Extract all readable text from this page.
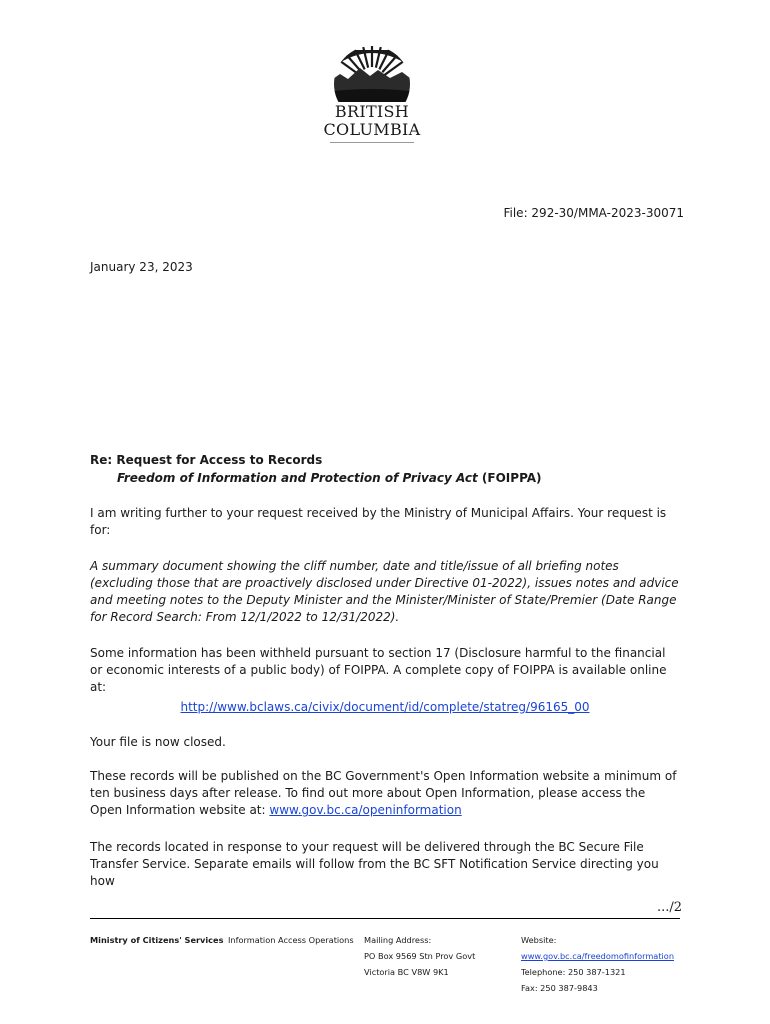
BRITISH
COLUMBIA
File: 292-30/MMA-2023-30071
January 23, 2023
Re: Request for Access to Records
Freedom of Information and Protection of Privacy Act (FOIPPA)
I am writing further to your request received by the Ministry of Municipal Affairs. Your request is for:
A summary document showing the cliff number, date and title/issue of all briefing notes (excluding those that are proactively disclosed under Directive 01-2022), issues notes and advice and meeting notes to the Deputy Minister and the Minister/Minister of State/Premier (Date Range for Record Search: From 12/1/2022 to 12/31/2022).
Some information has been withheld pursuant to section 17 (Disclosure harmful to the financial or economic interests of a public body) of FOIPPA. A complete copy of FOIPPA is available online at:
http://www.bclaws.ca/civix/document/id/complete/statreg/96165_00
Your file is now closed.
These records will be published on the BC Government's Open Information website a minimum of ten business days after release. To find out more about Open Information, please access the Open Information website at: www.gov.bc.ca/openinformation
The records located in response to your request will be delivered through the BC Secure File Transfer Service. Separate emails will follow from the BC SFT Notification Service directing you how
.../2
Ministry of Citizens' Services Information Access Operations Mailing Address:
PO Box 9569 Stn Prov Govt
Victoria BC V8W 9K1
Website:
www.gov.bc.ca/freedomofinformation
Telephone: 250 387-1321
Fax: 250 387-9843
